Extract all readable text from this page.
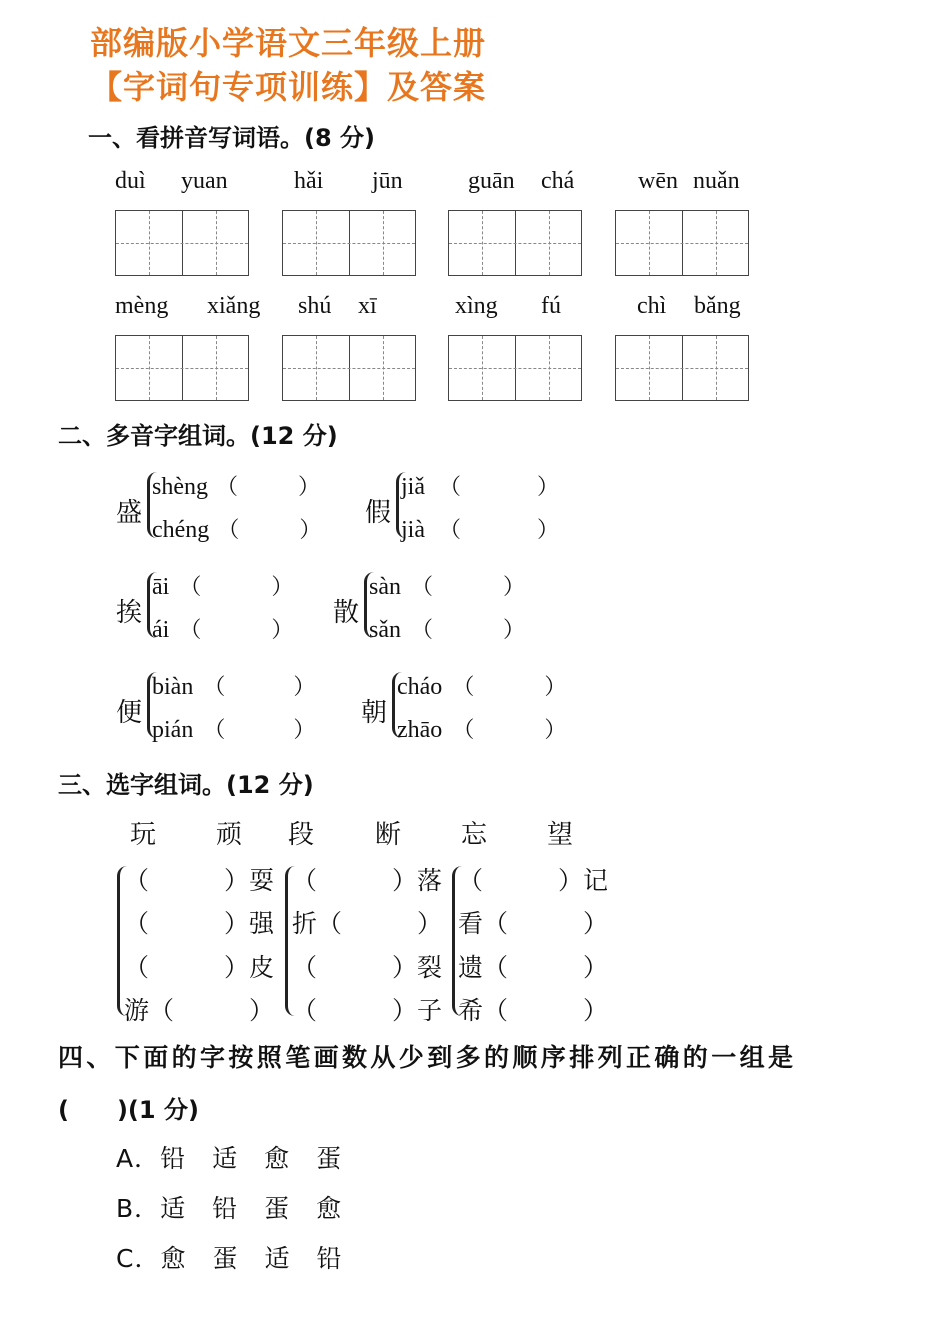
部编版小学语文三年级上册
【字词句专项训练】及答案
一、看拼音写词语。(8 分)
duì yuan	hǎi jūn	guān chá	wēn nuǎn
mèng xiǎng shú xī	xìng fú	chì bǎng
二、多音字组词。(12 分)
盛
shèng （	）
chéng （	）
假
jiǎ （	）
jià （	）
挨
āi （	）
ái （	）
散
sàn （	）
sǎn （	）
便
biàn （	）
pián （	）
朝
cháo （	）
zhāo （	）
三、选字组词。(12 分)
玩 顽 段 断 忘 望
（　　　）耍
（　　　）强
（　　　）皮
游（　　　）
（　　　）落
折（　　　）
（　　　）裂
（　　　）子
（　　　）记
看（　　　）
遗（　　　）
希（　　　）
四、下面的字按照笔画数从少到多的顺序排列正确的一组是
(　　)(1 分)
A．铅　适　愈　蛋
B．适　铅　蛋　愈
C．愈　蛋　适　铅
